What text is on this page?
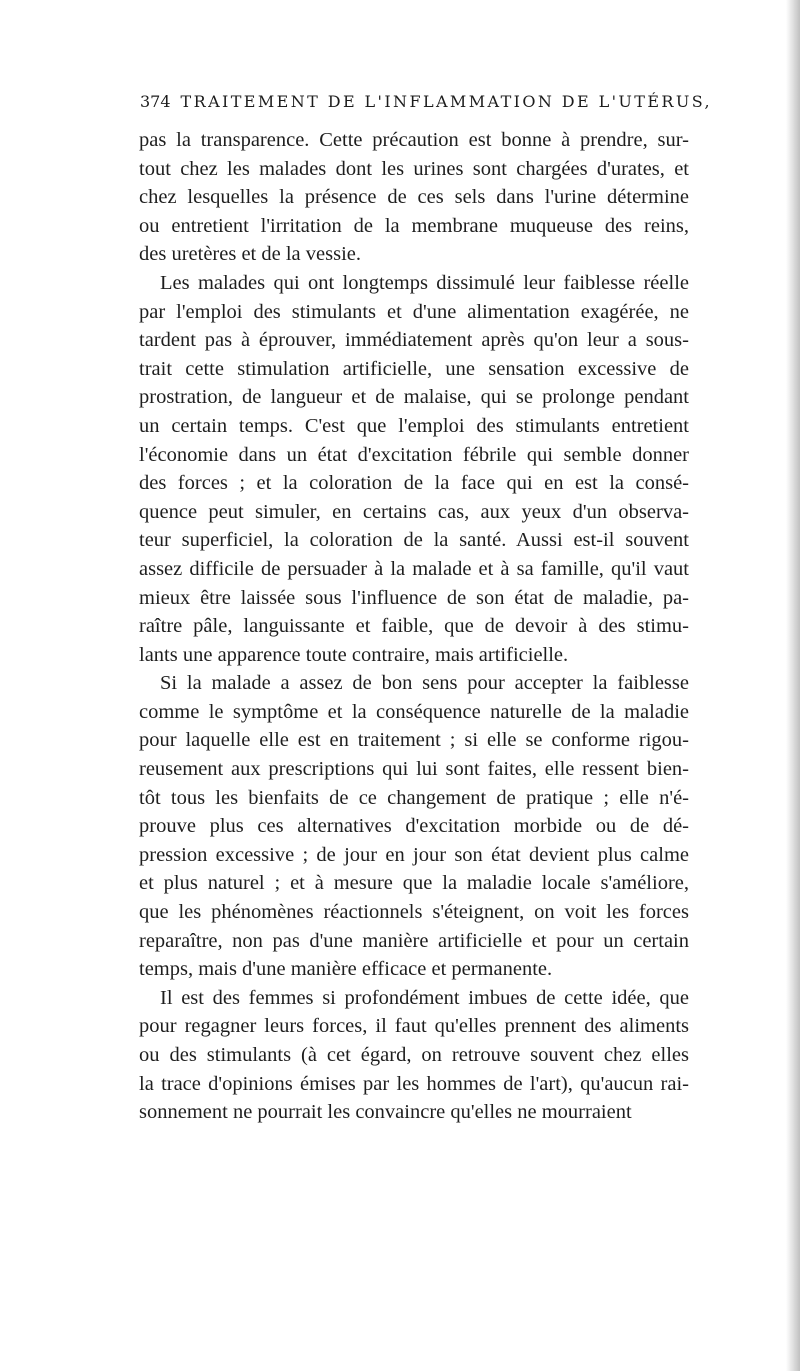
374 TRAITEMENT DE L'INFLAMMATION DE L'UTÉRUS,
pas la transparence. Cette précaution est bonne à prendre, sur-
tout chez les malades dont les urines sont chargées d'urates, et
chez lesquelles la présence de ces sels dans l'urine détermine
ou entretient l'irritation de la membrane muqueuse des reins,
des uretères et de la vessie.
Les malades qui ont longtemps dissimulé leur faiblesse réelle
par l'emploi des stimulants et d'une alimentation exagérée, ne
tardent pas à éprouver, immédiatement après qu'on leur a sous-
trait cette stimulation artificielle, une sensation excessive de
prostration, de langueur et de malaise, qui se prolonge pendant
un certain temps. C'est que l'emploi des stimulants entretient
l'économie dans un état d'excitation fébrile qui semble donner
des forces ; et la coloration de la face qui en est la consé-
quence peut simuler, en certains cas, aux yeux d'un observa-
teur superficiel, la coloration de la santé. Aussi est-il souvent
assez difficile de persuader à la malade et à sa famille, qu'il vaut
mieux être laissée sous l'influence de son état de maladie, pa-
raître pâle, languissante et faible, que de devoir à des stimu-
lants une apparence toute contraire, mais artificielle.
Si la malade a assez de bon sens pour accepter la faiblesse
comme le symptôme et la conséquence naturelle de la maladie
pour laquelle elle est en traitement ; si elle se conforme rigou-
reusement aux prescriptions qui lui sont faites, elle ressent bien-
tôt tous les bienfaits de ce changement de pratique ; elle n'é-
prouve plus ces alternatives d'excitation morbide ou de dé-
pression excessive ; de jour en jour son état devient plus calme
et plus naturel ; et à mesure que la maladie locale s'améliore,
que les phénomènes réactionnels s'éteignent, on voit les forces
reparaître, non pas d'une manière artificielle et pour un certain
temps, mais d'une manière efficace et permanente.
Il est des femmes si profondément imbues de cette idée, que
pour regagner leurs forces, il faut qu'elles prennent des aliments
ou des stimulants (à cet égard, on retrouve souvent chez elles
la trace d'opinions émises par les hommes de l'art), qu'aucun rai-
sonnement ne pourrait les convaincre qu'elles ne mourraient
